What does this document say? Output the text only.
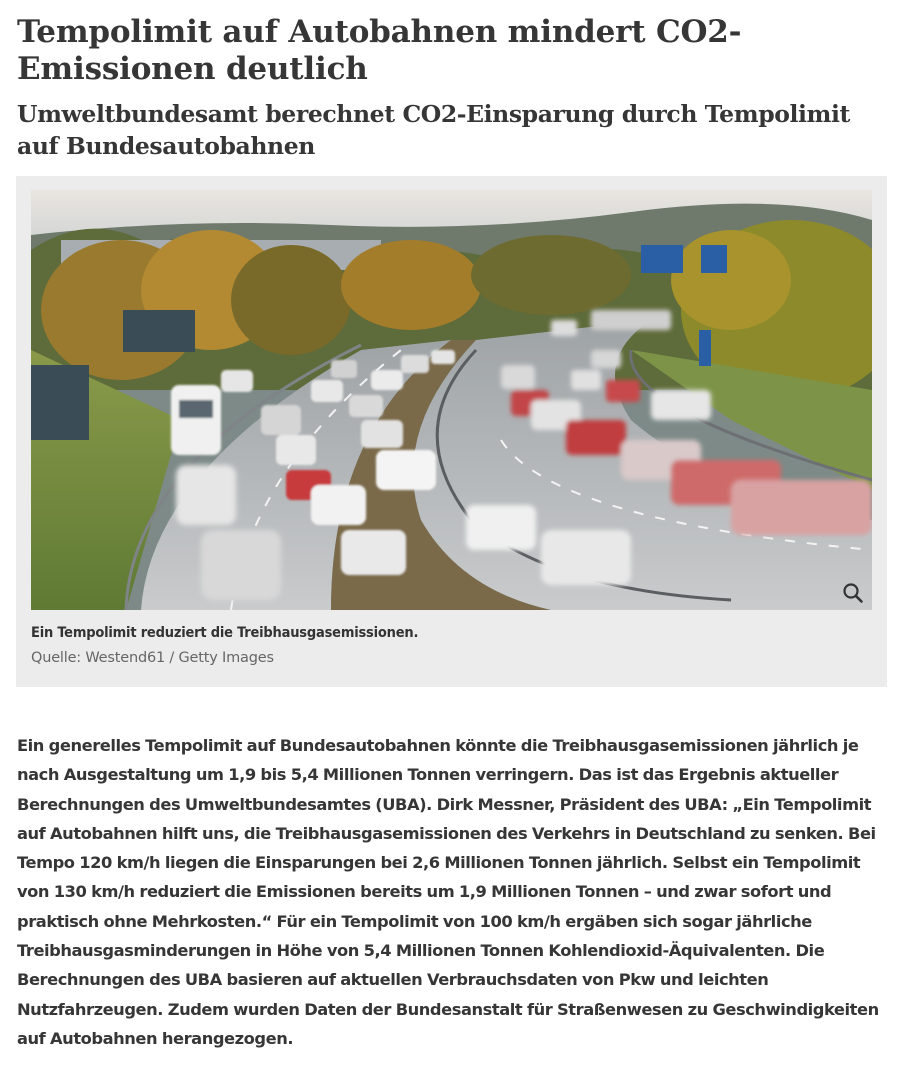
Tempolimit auf Autobahnen mindert CO2-Emissionen deutlich
Umweltbundesamt berechnet CO2-Einsparung durch Tempolimit auf Bundesautobahnen

Ein Tempolimit reduziert die Treibhausgasemissionen.

Quelle: Westend61 / Getty Images

Ein generelles Tempolimit auf Bundesautobahnen könnte die Treibhausgasemissionen jährlich je nach Ausgestaltung um 1,9 bis 5,4 Millionen Tonnen verringern. Das ist das Ergebnis aktueller Berechnungen des Umweltbundesamtes (UBA). Dirk Messner, Präsident des UBA: „Ein Tempolimit auf Autobahnen hilft uns, die Treibhausgasemissionen des Verkehrs in Deutschland zu senken. Bei Tempo 120 km/h liegen die Einsparungen bei 2,6 Millionen Tonnen jährlich. Selbst ein Tempolimit von 130 km/h reduziert die Emissionen bereits um 1,9 Millionen Tonnen – und zwar sofort und praktisch ohne Mehrkosten.“ Für ein Tempolimit von 100 km/h ergäben sich sogar jährliche Treibhausgasminderungen in Höhe von 5,4 Millionen Tonnen Kohlendioxid-Äquivalenten. Die Berechnungen des UBA basieren auf aktuellen Verbrauchsdaten von Pkw und leichten Nutzfahrzeugen. Zudem wurden Daten der Bundesanstalt für Straßenwesen zu Geschwindigkeiten auf Autobahnen herangezogen.
